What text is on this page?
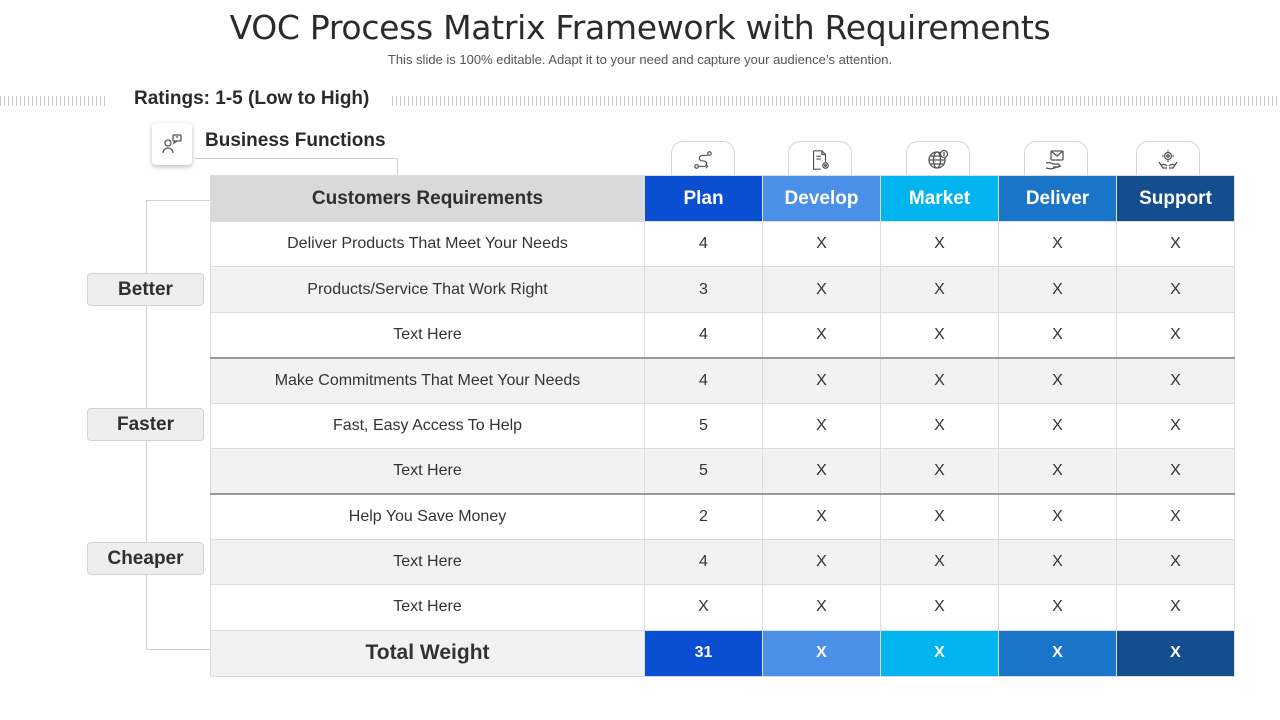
VOC Process Matrix Framework with Requirements
This slide is 100% editable. Adapt it to your need and capture your audience’s attention.
Ratings: 1-5 (Low to High)
Business Functions
Better
Faster
Cheaper
Customers Requirements	Plan	Develop	Market	Deliver	Support
Deliver Products That Meet Your Needs	4	X	X	X	X
Products/Service That Work Right	3	X	X	X	X
Text Here	4	X	X	X	X
Make Commitments That Meet Your Needs	4	X	X	X	X
Fast, Easy Access To Help	5	X	X	X	X
Text Here	5	X	X	X	X
Help You Save Money	2	X	X	X	X
Text Here	4	X	X	X	X
Text Here	X	X	X	X	X
Total Weight	31	X	X	X	X
